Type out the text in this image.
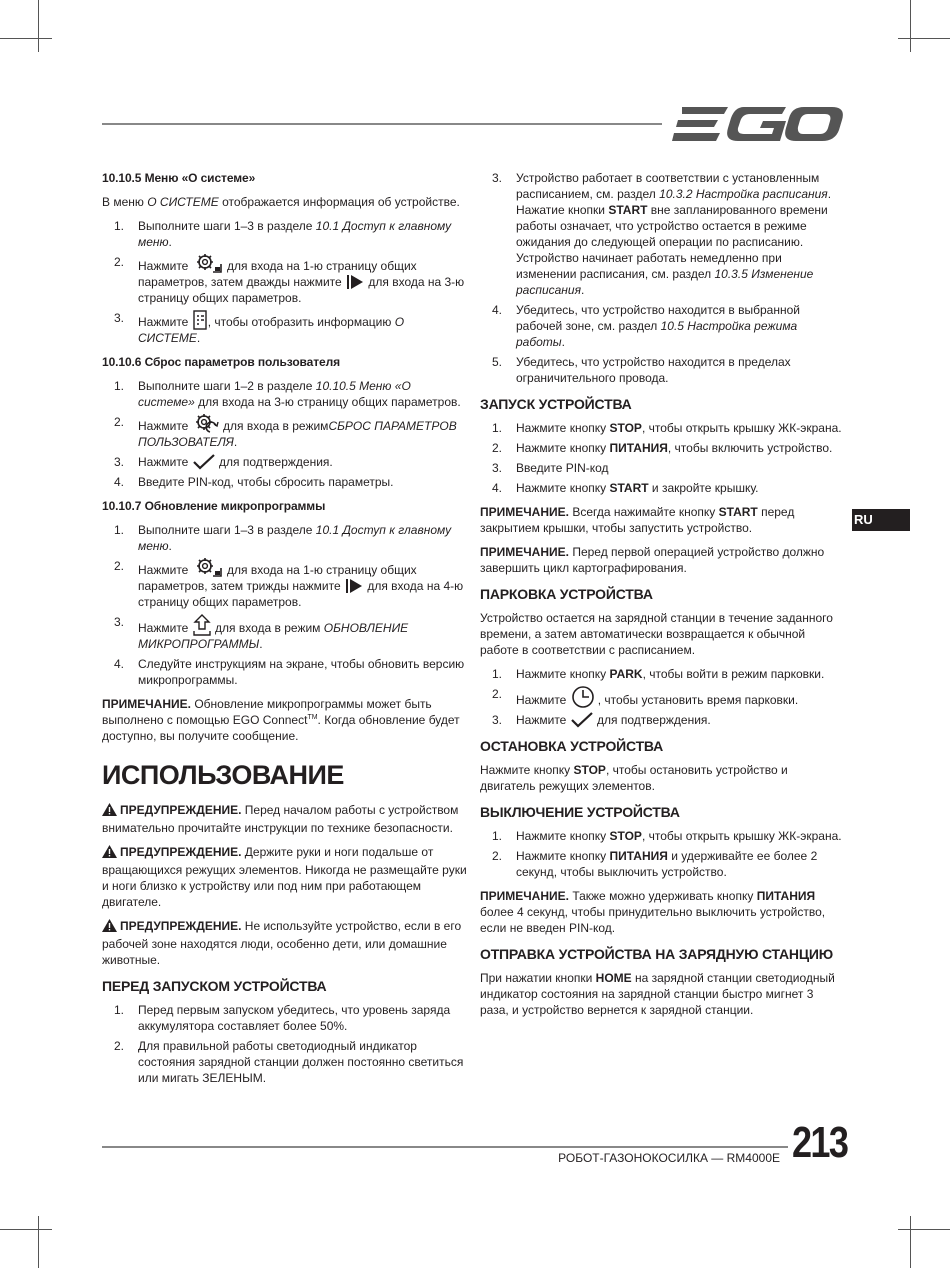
10.10.5 Меню «О системе»
В меню О СИСТЕМЕ отображается информация об устройстве.
1. Выполните шаги 1–3 в разделе 10.1 Доступ к главному меню.
2. Нажмите	для входа на 1-ю страницу общих параметров, затем дважды нажмите
для входа на 3-ю страницу общих параметров.
3. Нажмите
, чтобы отобразить информацию О СИСТЕМЕ.
10.10.6 Сброс параметров пользователя
1. Выполните шаги 1–2 в разделе 10.10.5 Меню «О системе» для входа на 3-ю страницу общих параметров.
2. Нажмите
для входа в режимСБРОС ПАРАМЕТРОВ ПОЛЬЗОВАТЕЛЯ.
3. Нажмите
для подтверждения.
4. Введите PIN-код, чтобы сбросить параметры.
10.10.7 Обновление микропрограммы
1. Выполните шаги 1–3 в разделе 10.1 Доступ к главному меню.
2. Нажмите	для входа на 1-ю страницу общих параметров, затем трижды нажмите
для входа на 4-ю страницу общих параметров.
3. Нажмите
для входа в режим ОБНОВЛЕНИЕ МИКРОПРОГРАММЫ.
4. Следуйте инструкциям на экране, чтобы обновить версию микропрограммы.
ПРИМЕЧАНИЕ. Обновление микропрограммы может быть выполнено с помощью EGO Connect™. Когда обновление будет доступно, вы получите сообщение.
ИСПОЛЬЗОВАНИЕ
ПРЕДУПРЕЖДЕНИЕ. Перед началом работы с устройством внимательно прочитайте инструкции по технике безопасности.
ПРЕДУПРЕЖДЕНИЕ. Держите руки и ноги подальше от вращающихся режущих элементов. Никогда не размещайте руки и ноги близко к устройству или под ним при работающем двигателе.
ПРЕДУПРЕЖДЕНИЕ. Не используйте устройство, если в его рабочей зоне находятся люди, особенно дети, или домашние животные.
ПЕРЕД ЗАПУСКОМ УСТРОЙСТВА
1. Перед первым запуском убедитесь, что уровень заряда аккумулятора составляет более 50%.
2. Для правильной работы светодиодный индикатор состояния зарядной станции должен постоянно светиться или мигать ЗЕЛЕНЫМ.
3. Устройство работает в соответствии с установленным расписанием, см. раздел 10.3.2 Настройка расписания. Нажатие кнопки START вне запланированного времени работы означает, что устройство остается в режиме ожидания до следующей операции по расписанию. Устройство начинает работать немедленно при изменении расписания, см. раздел 10.3.5 Изменение расписания.
4. Убедитесь, что устройство находится в выбранной рабочей зоне, см. раздел 10.5 Настройка режима работы.
5. Убедитесь, что устройство находится в пределах ограничительного провода.
ЗАПУСК УСТРОЙСТВА
1. Нажмите кнопку STOP, чтобы открыть крышку ЖК-экрана.
2. Нажмите кнопку ПИТАНИЯ, чтобы включить устройство.
3. Введите PIN-код
4. Нажмите кнопку START и закройте крышку.
ПРИМЕЧАНИЕ. Всегда нажимайте кнопку START перед закрытием крышки, чтобы запустить устройство.
ПРИМЕЧАНИЕ. Перед первой операцией устройство должно завершить цикл картографирования.
ПАРКОВКА УСТРОЙСТВА
Устройство остается на зарядной станции в течение заданного времени, а затем автоматически возвращается к обычной работе в соответствии с расписанием.
1. Нажмите кнопку PARK, чтобы войти в режим парковки.
2. Нажмите
, чтобы установить время парковки.
3. Нажмите
для подтверждения.
ОСТАНОВКА УСТРОЙСТВА
Нажмите кнопку STOP, чтобы остановить устройство и двигатель режущих элементов.
ВЫКЛЮЧЕНИЕ УСТРОЙСТВА
1. Нажмите кнопку STOP, чтобы открыть крышку ЖК-экрана.
2. Нажмите кнопку ПИТАНИЯ и удерживайте ее более 2 секунд, чтобы выключить устройство.
ПРИМЕЧАНИЕ. Также можно удерживать кнопку ПИТАНИЯ более 4 секунд, чтобы принудительно выключить устройство, если не введен PIN-код.
ОТПРАВКА УСТРОЙСТВА НА ЗАРЯДНУЮ СТАНЦИЮ
При нажатии кнопки HOME на зарядной станции светодиодный индикатор состояния на зарядной станции быстро мигнет 3 раза, и устройство вернется к зарядной станции.
RU
РОБОТ-ГАЗОНОКОСИЛКА — RM4000E 213
